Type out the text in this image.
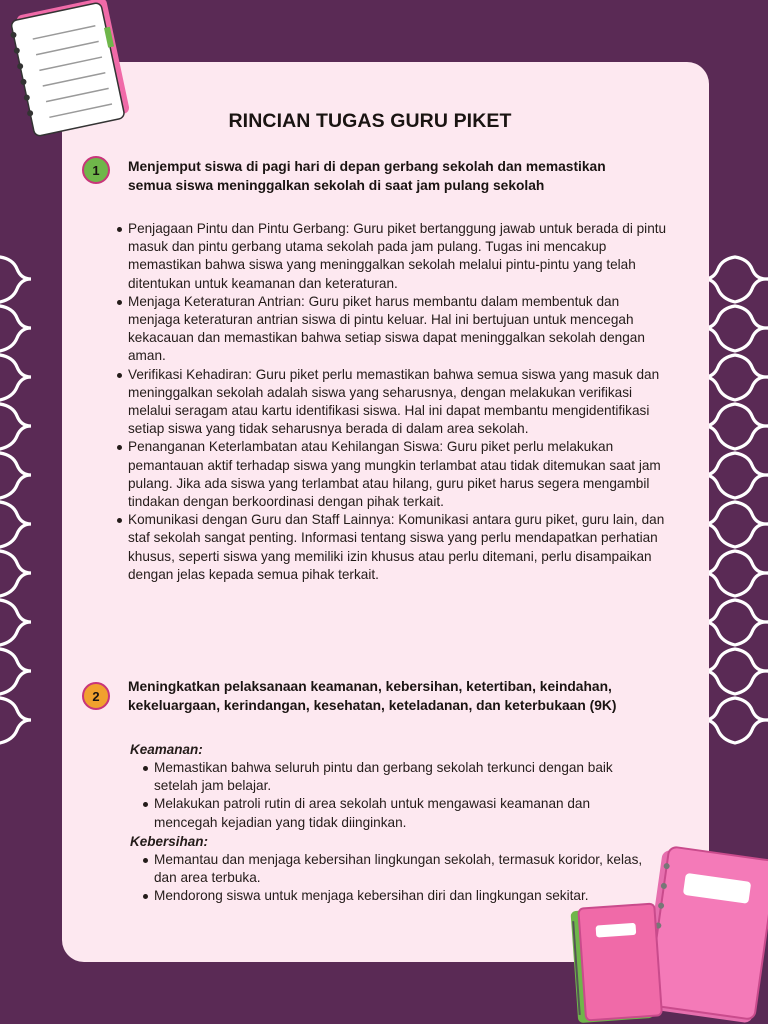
RINCIAN TUGAS GURU PIKET
1	Menjemput siswa di pagi hari di depan gerbang sekolah dan memastikan semua siswa meninggalkan sekolah di saat jam pulang sekolah
Penjagaan Pintu dan Pintu Gerbang: Guru piket bertanggung jawab untuk berada di pintu masuk dan pintu gerbang utama sekolah pada jam pulang. Tugas ini mencakup memastikan bahwa siswa yang meninggalkan sekolah melalui pintu-pintu yang telah ditentukan untuk keamanan dan keteraturan.
Menjaga Keteraturan Antrian: Guru piket harus membantu dalam membentuk dan menjaga keteraturan antrian siswa di pintu keluar. Hal ini bertujuan untuk mencegah kekacauan dan memastikan bahwa setiap siswa dapat meninggalkan sekolah dengan aman.
Verifikasi Kehadiran: Guru piket perlu memastikan bahwa semua siswa yang masuk dan meninggalkan sekolah adalah siswa yang seharusnya, dengan melakukan verifikasi melalui seragam atau kartu identifikasi siswa. Hal ini dapat membantu mengidentifikasi setiap siswa yang tidak seharusnya berada di dalam area sekolah.
Penanganan Keterlambatan atau Kehilangan Siswa: Guru piket perlu melakukan pemantauan aktif terhadap siswa yang mungkin terlambat atau tidak ditemukan saat jam pulang. Jika ada siswa yang terlambat atau hilang, guru piket harus segera mengambil tindakan dengan berkoordinasi dengan pihak terkait.
Komunikasi dengan Guru dan Staff Lainnya: Komunikasi antara guru piket, guru lain, dan staf sekolah sangat penting. Informasi tentang siswa yang perlu mendapatkan perhatian khusus, seperti siswa yang memiliki izin khusus atau perlu ditemani, perlu disampaikan dengan jelas kepada semua pihak terkait.
2
Meningkatkan pelaksanaan keamanan, kebersihan, ketertiban, keindahan, kekeluargaan, kerindangan, kesehatan, keteladanan, dan keterbukaan (9K)
Keamanan:
Memastikan bahwa seluruh pintu dan gerbang sekolah terkunci dengan baik setelah jam belajar.
Melakukan patroli rutin di area sekolah untuk mengawasi keamanan dan mencegah kejadian yang tidak diinginkan.
Kebersihan:
Memantau dan menjaga kebersihan lingkungan sekolah, termasuk koridor, kelas, dan area terbuka.
Mendorong siswa untuk menjaga kebersihan diri dan lingkungan sekitar.
